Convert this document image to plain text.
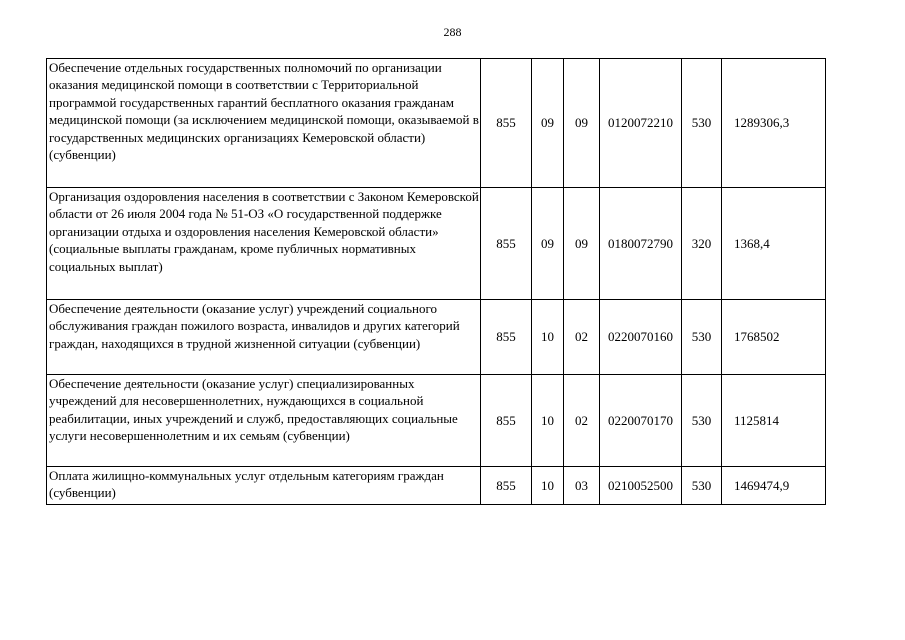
288
Обеспечение отдельных государственных полномочий по организации оказания медицинской помощи в соответствии с Территориальной программой государственных гарантий бесплатного оказания гражданам медицинской помощи (за исключением медицинской помощи, оказываемой в государственных медицинских организациях Кемеровской области) (субвенции)	855	09	09	0120072210	530	1289306,3
Организация оздоровления населения в соответствии с Законом Кемеровской области от 26 июля 2004 года № 51-ОЗ «О государственной поддержке организации отдыха и оздоровления населения Кемеровской области» (социальные выплаты гражданам, кроме публичных нормативных социальных выплат)	855	09	09	0180072790	320	1368,4
Обеспечение деятельности (оказание услуг) учреждений социального обслуживания граждан пожилого возраста, инвалидов и других категорий граждан, находящихся в трудной жизненной ситуации (субвенции)	855	10	02	0220070160	530	1768502
Обеспечение деятельности (оказание услуг) специализированных учреждений для несовершеннолетних, нуждающихся в социальной реабилитации, иных учреждений и служб, предоставляющих социальные услуги несовершеннолетним и их семьям (субвенции)	855	10	02	0220070170	530	1125814
Оплата жилищно-коммунальных услуг отдельным категориям граждан (субвенции)	855	10	03	0210052500	530	1469474,9
